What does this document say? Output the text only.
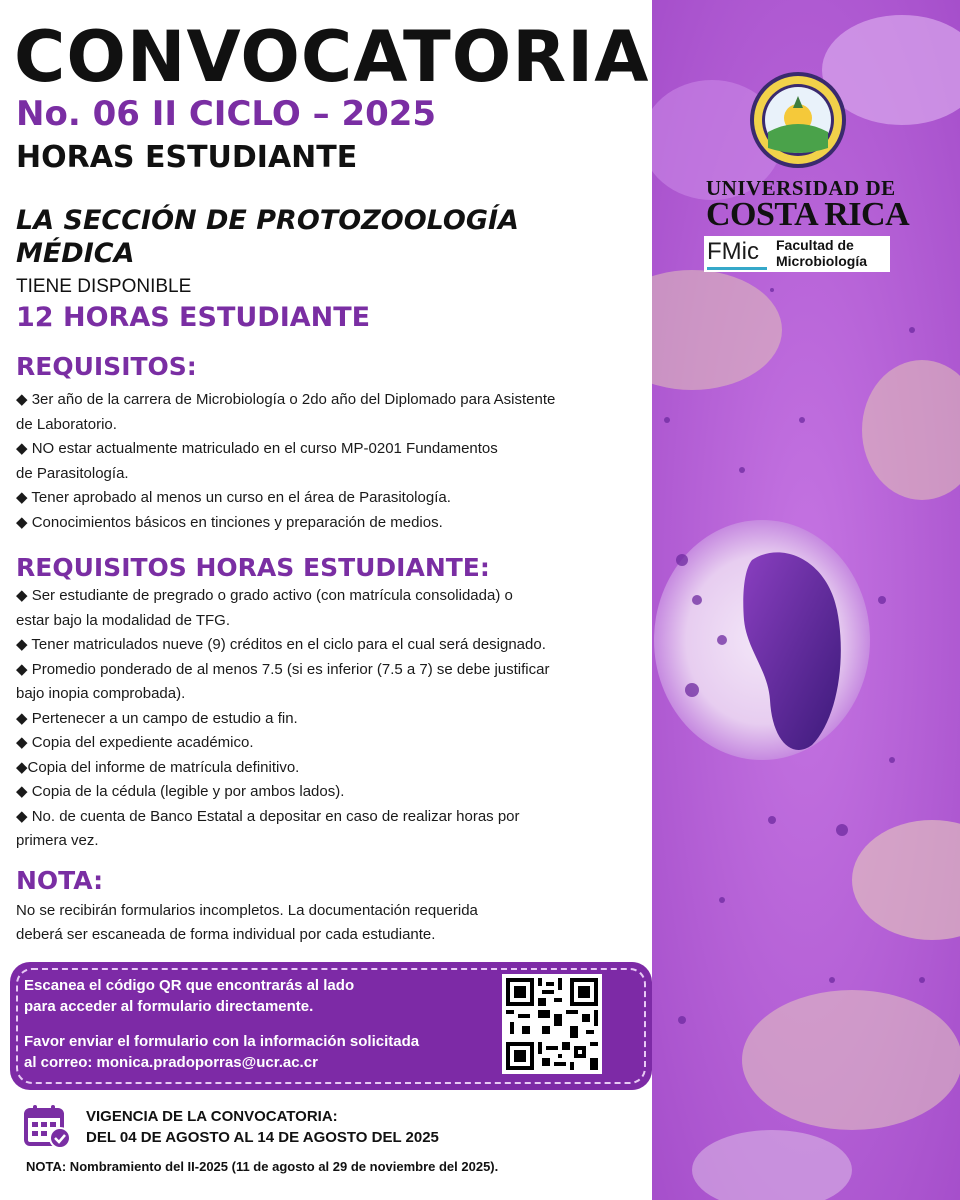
CONVOCATORIA
No. 06 II CICLO – 2025
HORAS ESTUDIANTE
LA SECCIÓN DE PROTOZOOLOGÍA MÉDICA
TIENE DISPONIBLE
12 HORAS ESTUDIANTE
REQUISITOS:
◆ 3er año de la carrera de Microbiología o 2do año del Diplomado para Asistente
de Laboratorio.
◆ NO estar actualmente matriculado en el curso MP-0201 Fundamentos
de Parasitología.
◆ Tener aprobado al menos un curso en el área de Parasitología.
◆ Conocimientos básicos en tinciones y preparación de medios.
REQUISITOS HORAS ESTUDIANTE:
◆ Ser estudiante de pregrado o grado activo (con matrícula consolidada) o
estar bajo la modalidad de TFG.
◆ Tener matriculados nueve (9) créditos en el ciclo para el cual será designado.
◆ Promedio ponderado de al menos 7.5 (si es inferior (7.5 a 7) se debe justificar
bajo inopia comprobada).
◆ Pertenecer a un campo de estudio a fin.
◆ Copia del expediente académico.
◆Copia del informe de matrícula definitivo.
◆ Copia de la cédula (legible y por ambos lados).
◆ No. de cuenta de Banco Estatal a depositar en caso de realizar horas por
primera vez.
NOTA:
No se recibirán formularios incompletos. La documentación requerida
deberá ser escaneada de forma individual por cada estudiante.
Escanea el código QR que encontrarás al lado
para acceder al formulario directamente.
Favor enviar el formulario con la información solicitada
al correo: monica.pradoporras@ucr.ac.cr
VIGENCIA DE LA CONVOCATORIA:
DEL 04 DE AGOSTO AL 14 DE AGOSTO DEL 2025
NOTA: Nombramiento del II-2025 (11 de agosto al 29 de noviembre del 2025).
UNIVERSIDAD DE
COSTA RICA
FMic Facultad de
Microbiología
